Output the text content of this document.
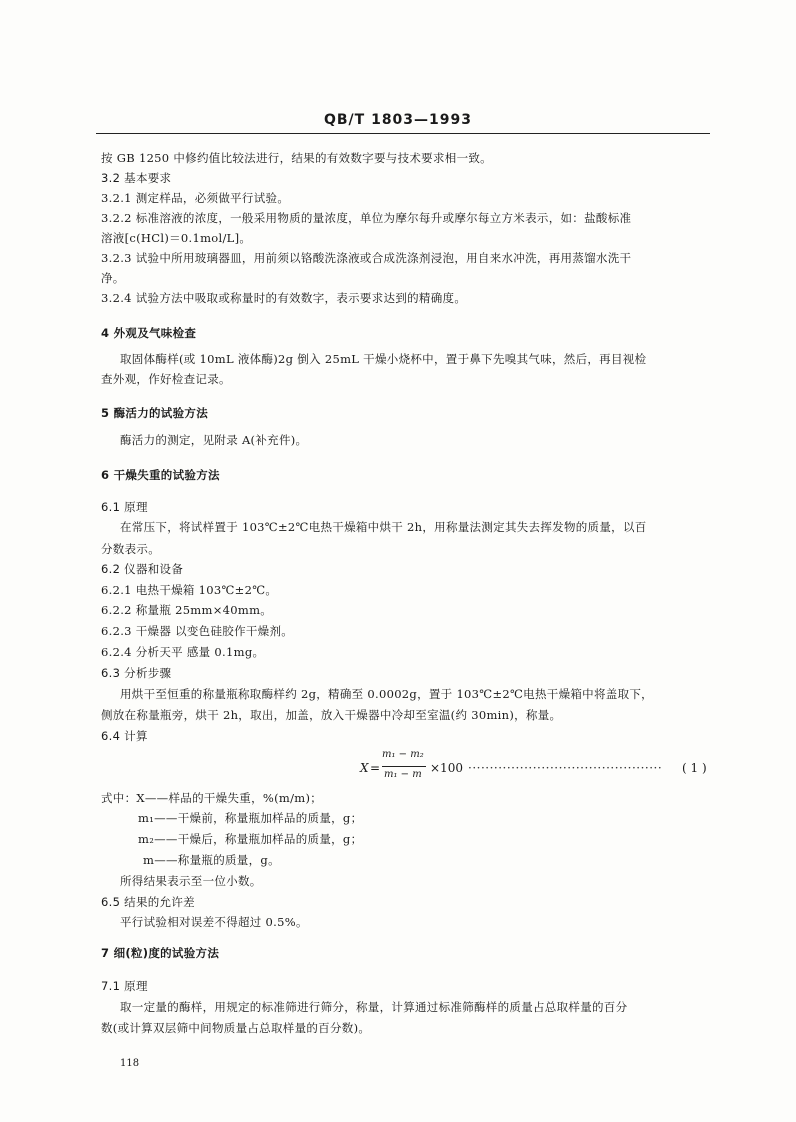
QB/T 1803—1993
按 GB 1250 中修约值比较法进行，结果的有效数字要与技术要求相一致。
3.2 基本要求
3.2.1 测定样品，必须做平行试验。
3.2.2 标准溶液的浓度，一般采用物质的量浓度，单位为摩尔每升或摩尔每立方米表示，如：盐酸标准
溶液[c(HCl)＝0.1mol/L]。
3.2.3 试验中所用玻璃器皿，用前须以铬酸洗涤液或合成洗涤剂浸泡，用自来水冲洗，再用蒸馏水洗干
净。
3.2.4 试验方法中吸取或称量时的有效数字，表示要求达到的精确度。
4 外观及气味检查
取固体酶样(或 10mL 液体酶)2g 倒入 25mL 干燥小烧杯中，置于鼻下先嗅其气味，然后，再目视检
查外观，作好检查记录。
5 酶活力的试验方法
酶活力的测定，见附录 A(补充件)。
6 干燥失重的试验方法
6.1 原理
在常压下，将试样置于 103℃±2℃电热干燥箱中烘干 2h，用称量法测定其失去挥发物的质量，以百
分数表示。
6.2 仪器和设备
6.2.1 电热干燥箱 103℃±2℃。
6.2.2 称量瓶 25mm×40mm。
6.2.3 干燥器 以变色硅胶作干燥剂。
6.2.4 分析天平 感量 0.1mg。
6.3 分析步骤
用烘干至恒重的称量瓶称取酶样约 2g，精确至 0.0002g，置于 103℃±2℃电热干燥箱中将盖取下，
侧放在称量瓶旁，烘干 2h，取出，加盖，放入干燥器中冷却至室温(约 30min)，称量。
6.4 计算
X =
m₁ − m₂
m₁ − m ×100 ············································· ( 1 )
式中：X——样品的干燥失重，%(m/m)；
m₁——干燥前，称量瓶加样品的质量，g；
m₂——干燥后，称量瓶加样品的质量，g；
m——称量瓶的质量，g。
所得结果表示至一位小数。
6.5 结果的允许差
平行试验相对误差不得超过 0.5%。
7 细(粒)度的试验方法
7.1 原理
取一定量的酶样，用规定的标准筛进行筛分，称量，计算通过标准筛酶样的质量占总取样量的百分
数(或计算双层筛中间物质量占总取样量的百分数)。
118
